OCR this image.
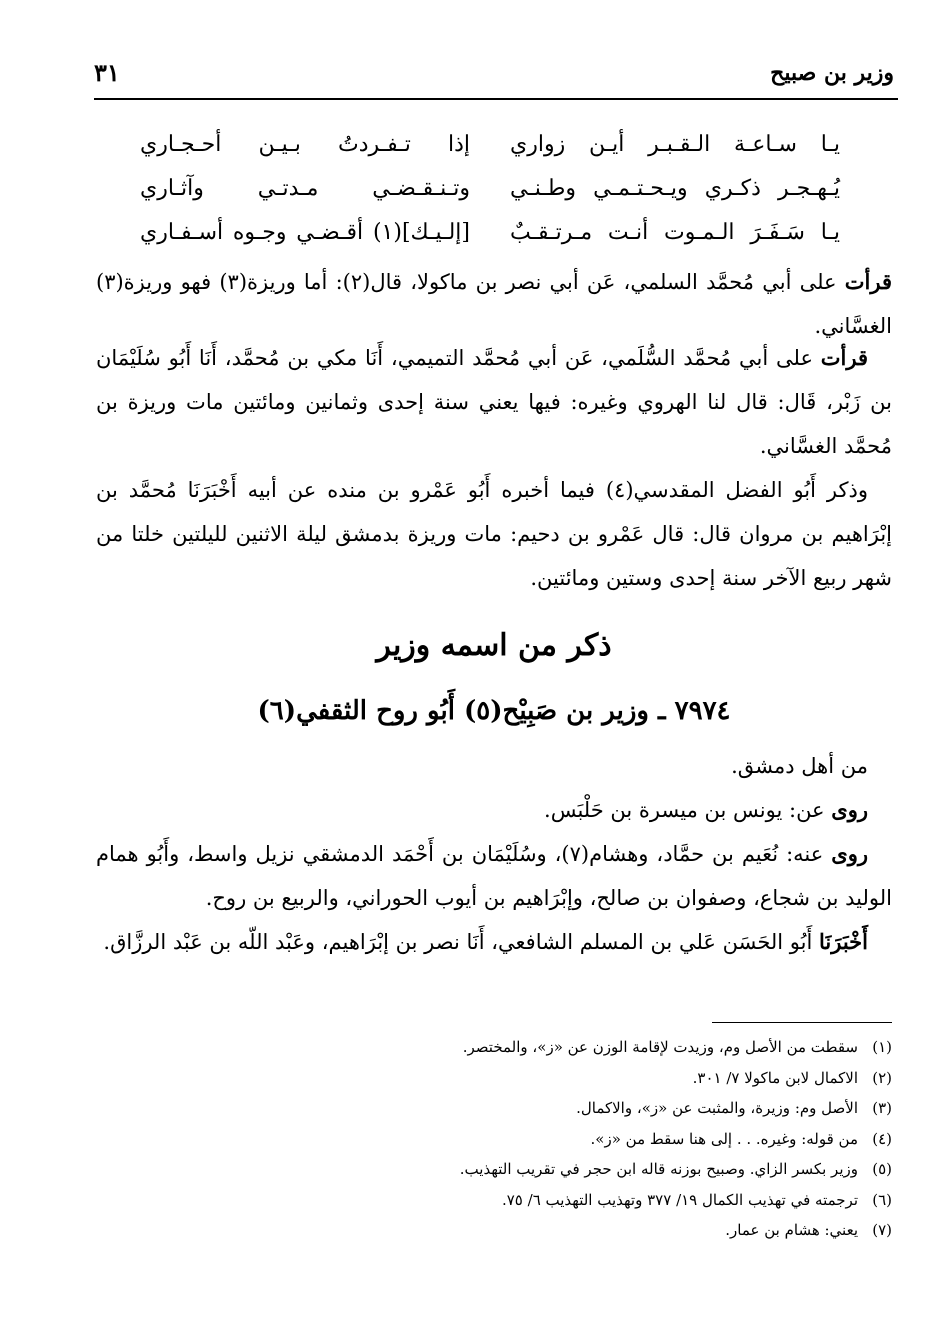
وزير بن صبيح
٣١
يـا سـاعـة الـقـبـر أيـن زواري
إذا تـفـردتُ بـيـن أحـجـاري
يُـهـجـر ذكـري ويـحـتـمـي وطـنـي
وتـنـقـضـي مـدتـي وآثـاري
يـا سَـفَـرَ الـمـوت أنـت مـرتـقـبٌ
[إلـيـك](١) أقـضـي وجـوه أسـفـاري
قرأت على أبي مُحمَّد السلمي، عَن أبي نصر بن ماكولا، قال(٢): أما وريزة(٣) فهو وريزة(٣) الغسَّاني.
قرأت على أبي مُحمَّد السُّلَمي، عَن أبي مُحمَّد التميمي، أَنَا مكي بن مُحمَّد، أَنَا أَبُو سُلَيْمَان بن زَبْر، قَال: قال لنا الهروي وغيره: فيها يعني سنة إحدى وثمانين ومائتين مات وريزة بن مُحمَّد الغسَّاني.
وذكر أَبُو الفضل المقدسي(٤) فيما أخبره أَبُو عَمْرو بن منده عن أبيه أَخْبَرَنَا مُحمَّد بن إبْرَاهيم بن مروان قال: قال عَمْرو بن دحيم: مات وريزة بدمشق ليلة الاثنين لليلتين خلتا من شهر ربيع الآخر سنة إحدى وستين ومائتين.
ذكر من اسمه وزير
٧٩٧٤ ـ وزير بن صَبِيْح(٥) أَبُو روح الثقفي(٦)
من أهل دمشق.
روى عن: يونس بن ميسرة بن حَلْبَس.
روى عنه: نُعَيم بن حمَّاد، وهشام(٧)، وسُلَيْمَان بن أَحْمَد الدمشقي نزيل واسط، وأَبُو همام الوليد بن شجاع، وصفوان بن صالح، وإبْرَاهيم بن أيوب الحوراني، والربيع بن روح.
أَخْبَرَنَا أَبُو الحَسَن عَلي بن المسلم الشافعي، أَنَا نصر بن إبْرَاهيم، وعَبْد اللّه بن عَبْد الرزَّاق.
(١)سقطت من الأصل وم، وزيدت لإقامة الوزن عن «ز»، والمختصر.
(٢)الاكمال لابن ماكولا ٧/ ٣٠١.
(٣)الأصل وم: وزيرة، والمثبت عن «ز»، والاكمال.
(٤)من قوله: وغيره. . . إلى هنا سقط من «ز».
(٥)وزير بكسر الزاي. وصبيح بوزنه قاله ابن حجر في تقريب التهذيب.
(٦)ترجمته في تهذيب الكمال ١٩/ ٣٧٧ وتهذيب التهذيب ٦/ ٧٥.
(٧)يعني: هشام بن عمار.
